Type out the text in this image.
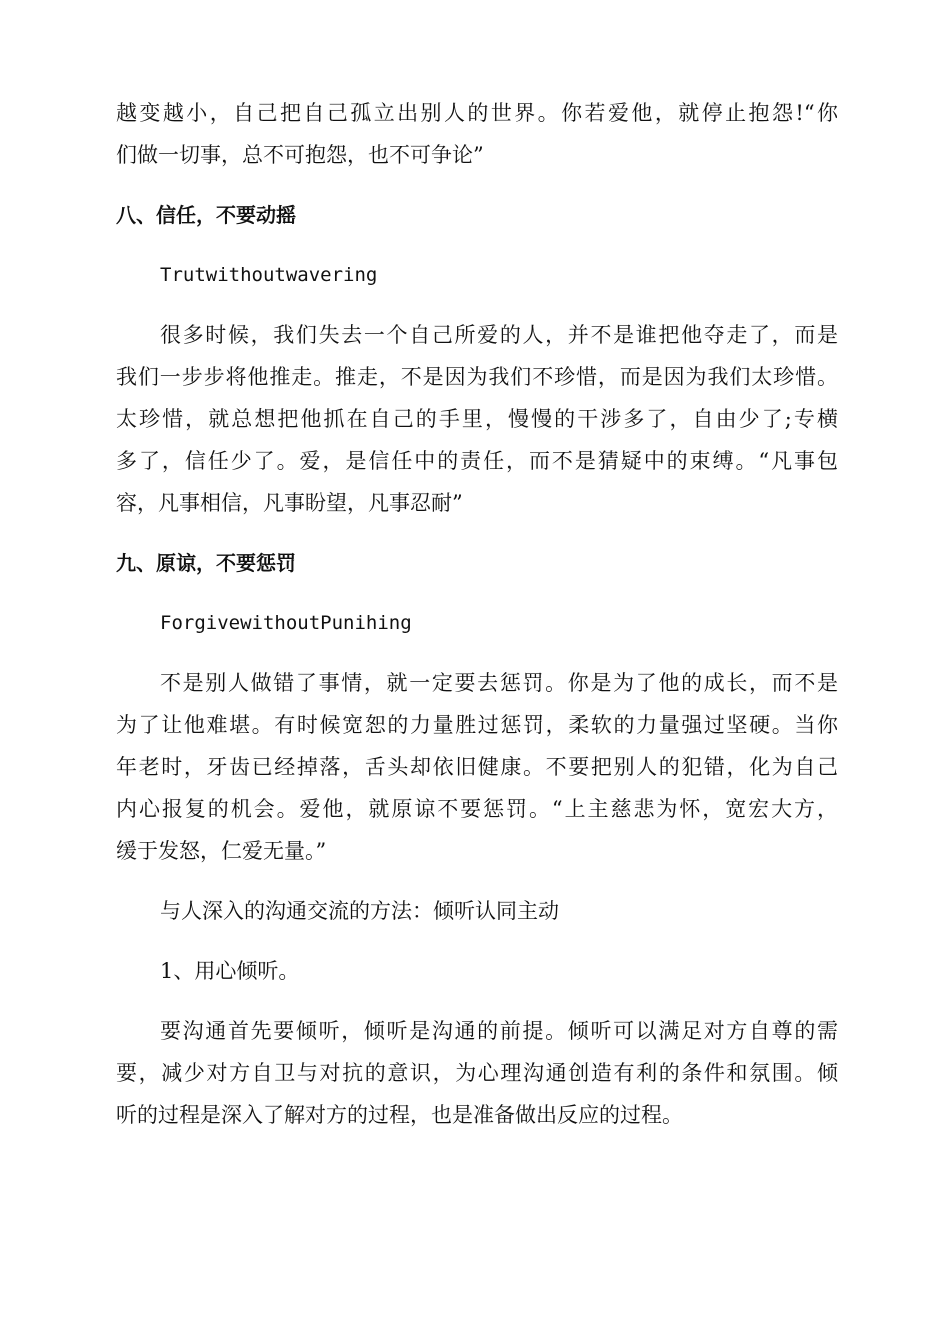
越变越小，自己把自己孤立出别人的世界。你若爱他，就停止抱怨!“你
们做一切事，总不可抱怨，也不可争论”
八、信任，不要动摇
Trutwithoutwavering
很多时候，我们失去一个自己所爱的人，并不是谁把他夺走了，而是
我们一步步将他推走。推走，不是因为我们不珍惜，而是因为我们太珍惜。
太珍惜，就总想把他抓在自己的手里，慢慢的干涉多了，自由少了;专横
多了，信任少了。爱，是信任中的责任，而不是猜疑中的束缚。“凡事包
容，凡事相信，凡事盼望，凡事忍耐”
九、原谅，不要惩罚
ForgivewithoutPunihing
不是别人做错了事情，就一定要去惩罚。你是为了他的成长，而不是
为了让他难堪。有时候宽恕的力量胜过惩罚，柔软的力量强过坚硬。当你
年老时，牙齿已经掉落，舌头却依旧健康。不要把别人的犯错，化为自己
内心报复的机会。爱他，就原谅不要惩罚。“上主慈悲为怀，宽宏大方，
缓于发怒，仁爱无量。”
与人深入的沟通交流的方法：倾听认同主动
1、用心倾听。
要沟通首先要倾听，倾听是沟通的前提。倾听可以满足对方自尊的需
要，减少对方自卫与对抗的意识，为心理沟通创造有利的条件和氛围。倾
听的过程是深入了解对方的过程，也是准备做出反应的过程。
